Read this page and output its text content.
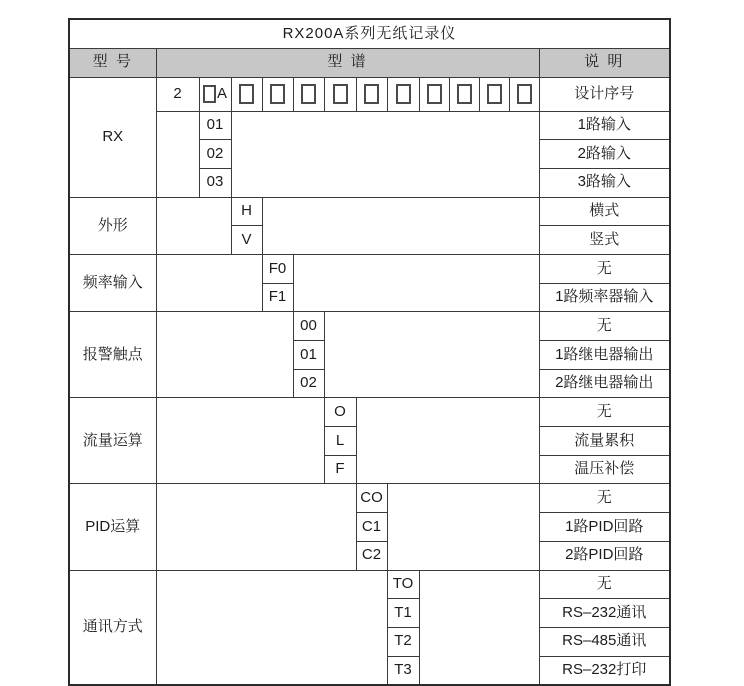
RX200A系列无纸记录仪													
型 号	型 谱												说 明
RX	2	A											设计序号
		01											1路输入
		02											2路输入
		03											3路输入
外形			H										横式
			V										竖式
频率输入				F0									无
				F1									1路频率器输入
报警触点					00								无
					01								1路继电器输出
					02								2路继电器输出
流量运算						O							无
						L							流量累积
						F							温压补偿
PID运算							CO						无
							C1						1路PID回路
							C2						2路PID回路
通讯方式								TO					无
								T1					RS–232通讯
								T2					RS–485通讯
								T3					RS–232打印
